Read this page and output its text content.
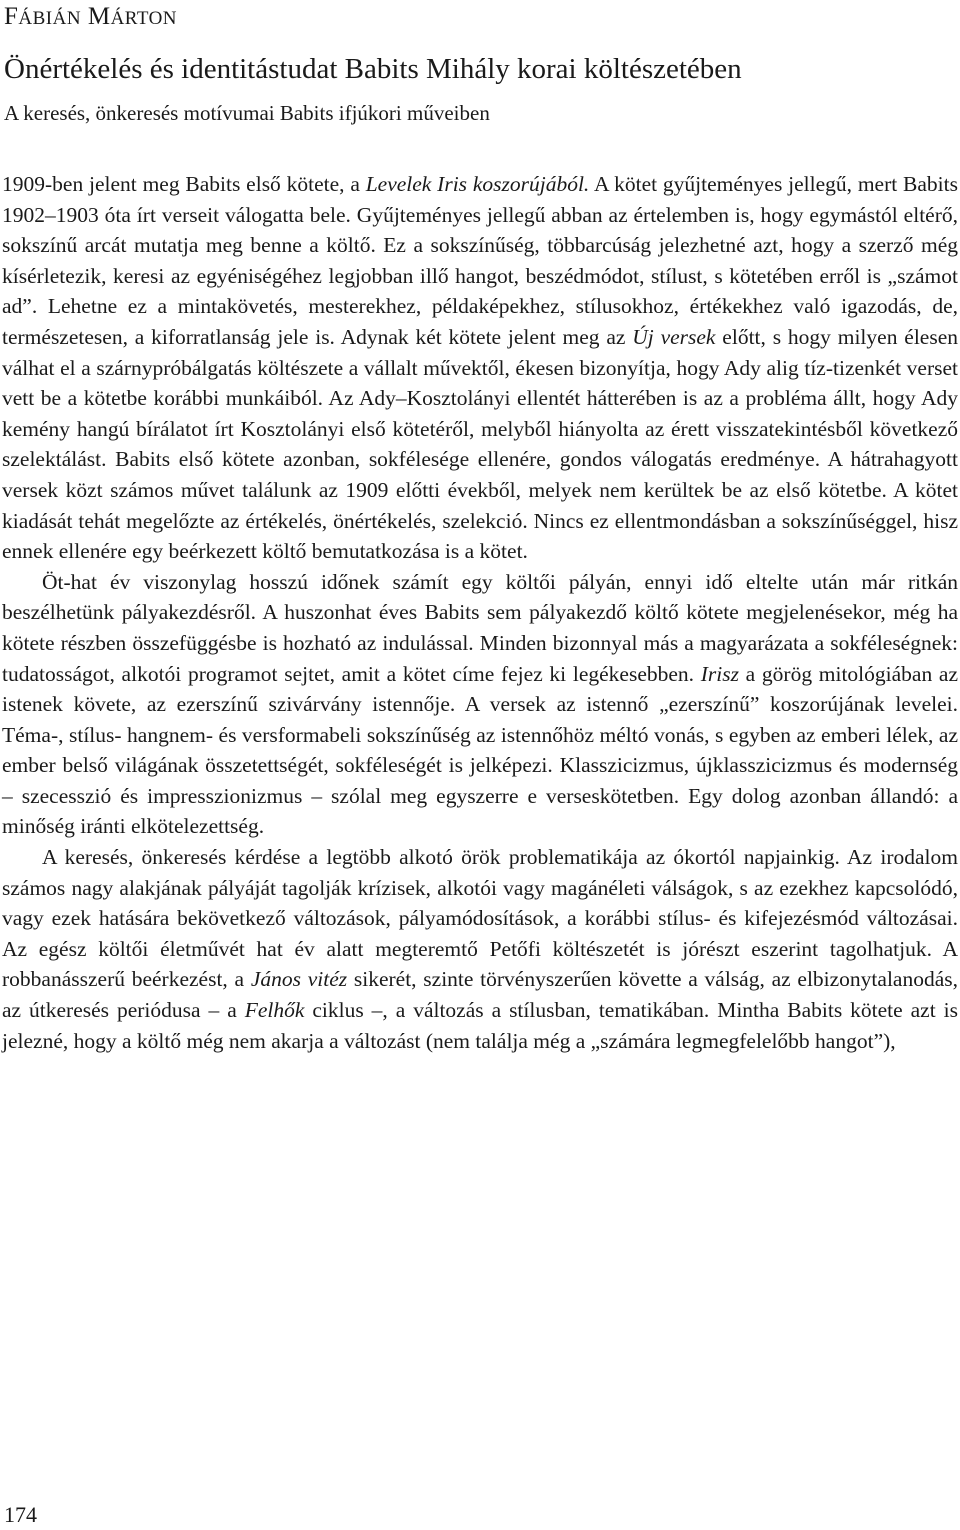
FÁBIÁN MÁRTON
Önértékelés és identitástudat Babits Mihály korai költészetében
A keresés, önkeresés motívumai Babits ifjúkori műveiben

1909-ben jelent meg Babits első kötete, a Levelek Iris koszorújából. A kötet gyűjteményes jellegű, mert Babits 1902–1903 óta írt verseit válogatta bele. Gyűjteményes jellegű abban az értelemben is, hogy egymástól eltérő, sokszínű arcát mutatja meg benne a költő. Ez a sokszínűség, többarcúság jelezhetné azt, hogy a szerző még kísérletezik, keresi az egyéniségéhez legjobban illő hangot, beszédmódot, stílust, s kötetében erről is „számot ad”. Lehetne ez a mintakövetés, mesterekhez, példaképekhez, stílusokhoz, értékekhez való igazodás, de, természetesen, a kiforratlanság jele is. Adynak két kötete jelent meg az Új versek előtt, s hogy milyen élesen válhat el a szárnypróbálgatás költészete a vállalt művektől, ékesen bizonyítja, hogy Ady alig tíz-tizenkét verset vett be a kötetbe korábbi munkáiból. Az Ady–Kosztolányi ellentét hátterében is az a probléma állt, hogy Ady kemény hangú bírálatot írt Kosztolányi első kötetéről, melyből hiányolta az érett visszatekintésből következő szelektálást. Babits első kötete azonban, sokfélesége ellenére, gondos válogatás eredménye. A hátrahagyott versek közt számos művet találunk az 1909 előtti évekből, melyek nem kerültek be az első kötetbe. A kötet kiadását tehát megelőzte az értékelés, önértékelés, szelekció. Nincs ez ellentmondásban a sokszínűséggel, hisz ennek ellenére egy beérkezett költő bemutatkozása is a kötet.

Öt-hat év viszonylag hosszú időnek számít egy költői pályán, ennyi idő eltelte után már ritkán beszélhetünk pályakezdésről. A huszonhat éves Babits sem pályakezdő költő kötete megjelenésekor, még ha kötete részben összefüggésbe is hozható az indulással. Minden bizonnyal más a magyarázata a sokféleségnek: tudatosságot, alkotói programot sejtet, amit a kötet címe fejez ki legékesebben. Irisz a görög mitológiában az istenek követe, az ezerszínű szivárvány istennője. A versek az istennő „ezerszínű” koszorújának levelei. Téma-, stílus- hangnem- és versformabeli sokszínűség az istennőhöz méltó vonás, s egyben az emberi lélek, az ember belső világának összetettségét, sokféleségét is jelképezi. Klasszicizmus, újklasszicizmus és modernség – szecesszió és impresszionizmus – szólal meg egyszerre e verseskötetben. Egy dolog azonban állandó: a minőség iránti elkötelezettség.

A keresés, önkeresés kérdése a legtöbb alkotó örök problematikája az ókortól napjainkig. Az irodalom számos nagy alakjának pályáját tagolják krízisek, alkotói vagy magánéleti válságok, s az ezekhez kapcsolódó, vagy ezek hatására bekövetkező változások, pályamódosítások, a korábbi stílus- és kifejezésmód változásai. Az egész költői életművét hat év alatt megteremtő Petőfi költészetét is jórészt eszerint tagolhatjuk. A robbanásszerű beérkezést, a János vitéz sikerét, szinte törvényszerűen követte a válság, az elbizonytalanodás, az útkeresés periódusa – a Felhők ciklus –, a változás a stílusban, tematikában. Mintha Babits kötete azt is jelezné, hogy a költő még nem akarja a változást (nem találja még a „számára legmegfelelőbb hangot”),

174
